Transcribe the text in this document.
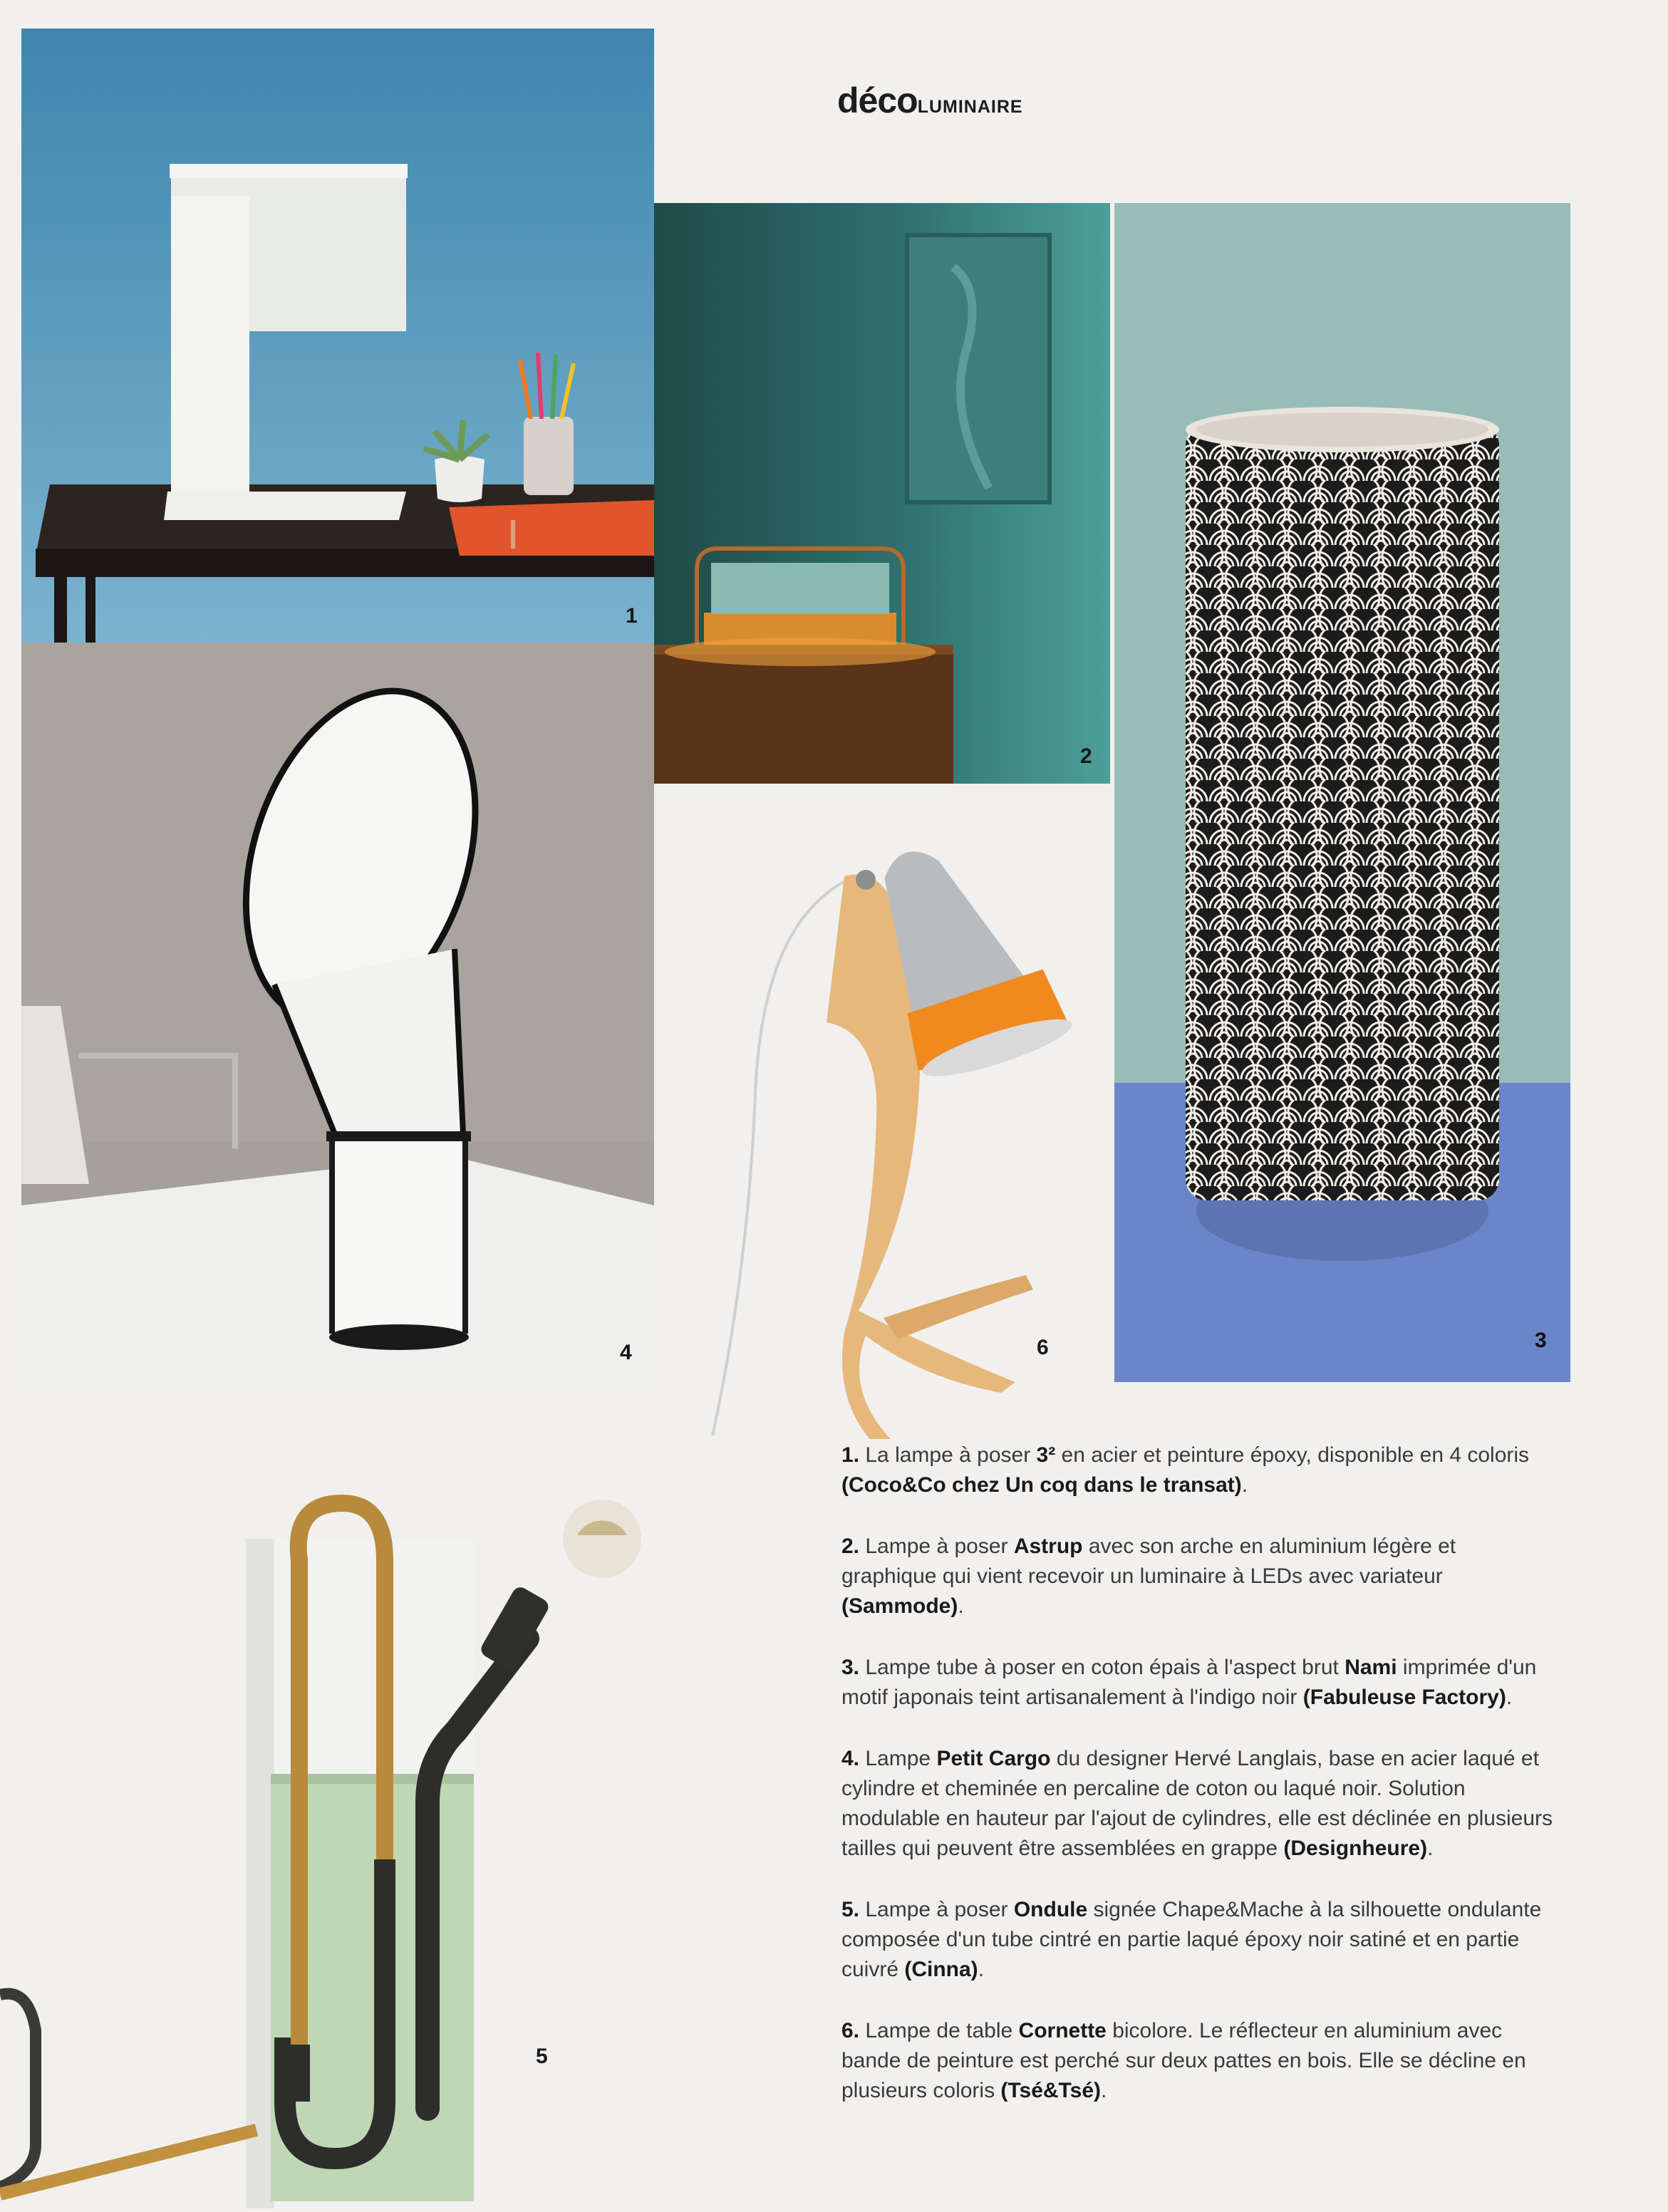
décoLUMINAIRE
1
2
3
4	6
5

1. La lampe à poser 3² en acier et peinture époxy, disponible en 4 coloris (Coco&Co chez Un coq dans le transat).

2. Lampe à poser Astrup avec son arche en aluminium légère et graphique qui vient recevoir un luminaire à LEDs avec variateur (Sammode).

3. Lampe tube à poser en coton épais à l'aspect brut Nami imprimée d'un motif japonais teint artisanalement à l'indigo noir (Fabuleuse Factory).

4. Lampe Petit Cargo du designer Hervé Langlais, base en acier laqué et cylindre et cheminée en percaline de coton ou laqué noir. Solution modulable en hauteur par l'ajout de cylindres, elle est déclinée en plusieurs tailles qui peuvent être assemblées en grappe (Designheure).

5. Lampe à poser Ondule signée Chape&Mache à la silhouette ondulante composée d'un tube cintré en partie laqué époxy noir satiné et en partie cuivré (Cinna).

6. Lampe de table Cornette bicolore. Le réflecteur en aluminium avec bande de peinture est perché sur deux pattes en bois. Elle se décline en plusieurs coloris (Tsé&Tsé).
